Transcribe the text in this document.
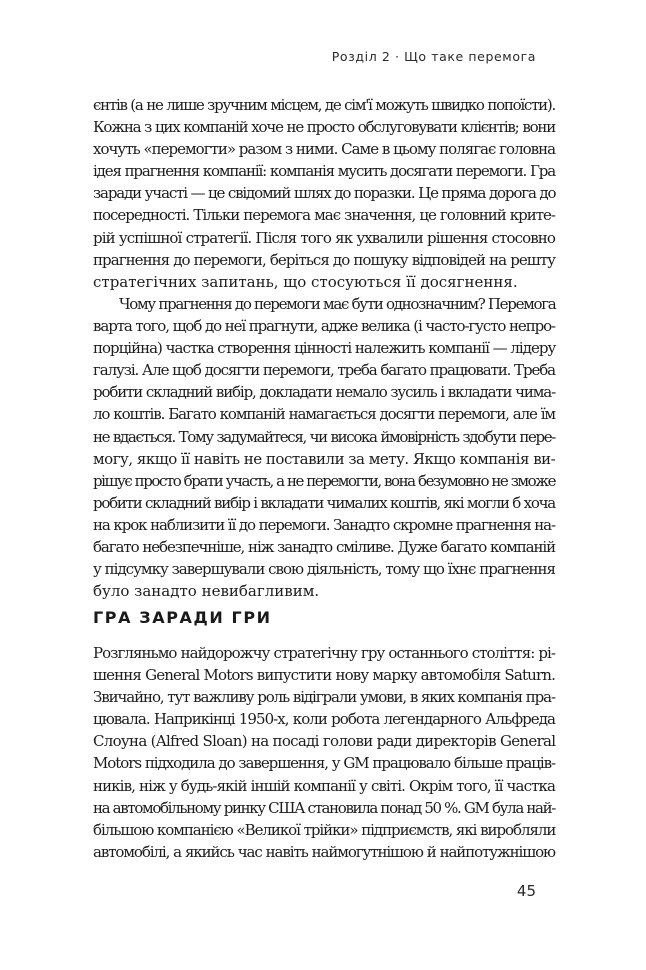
Розділ 2 · Що таке перемога
єнтів (а не лише зручним місцем, де сім'ї можуть швидко попоїсти).
Кожна з цих компаній хоче не просто обслуговувати клієнтів; вони
хочуть «перемогти» разом з ними. Саме в цьому полягає головна
ідея прагнення компанії: компанія мусить досягати перемоги. Гра
заради участі — це свідомий шлях до поразки. Це пряма дорога до
посередності. Тільки перемога має значення, це головний крите-
рій успішної стратегії. Після того як ухвалили рішення стосовно
прагнення до перемоги, беріться до пошуку відповідей на решту
стратегічних запитань, що стосуються її досягнення.
Чому прагнення до перемоги має бути однозначним? Перемога
варта того, щоб до неї прагнути, адже велика (і часто-густо непро-
порційна) частка створення цінності належить компанії — лідеру
галузі. Але щоб досягти перемоги, треба багато працювати. Треба
робити складний вибір, докладати немало зусиль і вкладати чима-
ло коштів. Багато компаній намагається досягти перемоги, але їм
не вдається. Тому задумайтеся, чи висока ймовірність здобути пере-
могу, якщо її навіть не поставили за мету. Якщо компанія ви-
рішує просто брати участь, а не перемогти, вона безумовно не зможе
робити складний вибір і вкладати чималих коштів, які могли б хоча
на крок наблизити її до перемоги. Занадто скромне прагнення на-
багато небезпечніше, ніж занадто сміливе. Дуже багато компаній
у підсумку завершували свою діяльність, тому що їхнє прагнення
було занадто невибагливим.
ГРА ЗАРАДИ ГРИ
Розгляньмо найдорожчу стратегічну гру останнього століття: рі-
шення General Motors випустити нову марку автомобіля Saturn.
Звичайно, тут важливу роль відіграли умови, в яких компанія пра-
цювала. Наприкінці 1950-х, коли робота легендарного Альфреда
Слоуна (Alfred Sloan) на посаді голови ради директорів General
Motors підходила до завершення, у GM працювало більше праців-
ників, ніж у будь-якій іншій компанії у світі. Окрім того, її частка
на автомобільному ринку США становила понад 50 %. GM була най-
більшою компанією «Великої трійки» підприємств, які виробляли
автомобілі, а якийсь час навіть наймогутнішою й найпотужнішою
45
